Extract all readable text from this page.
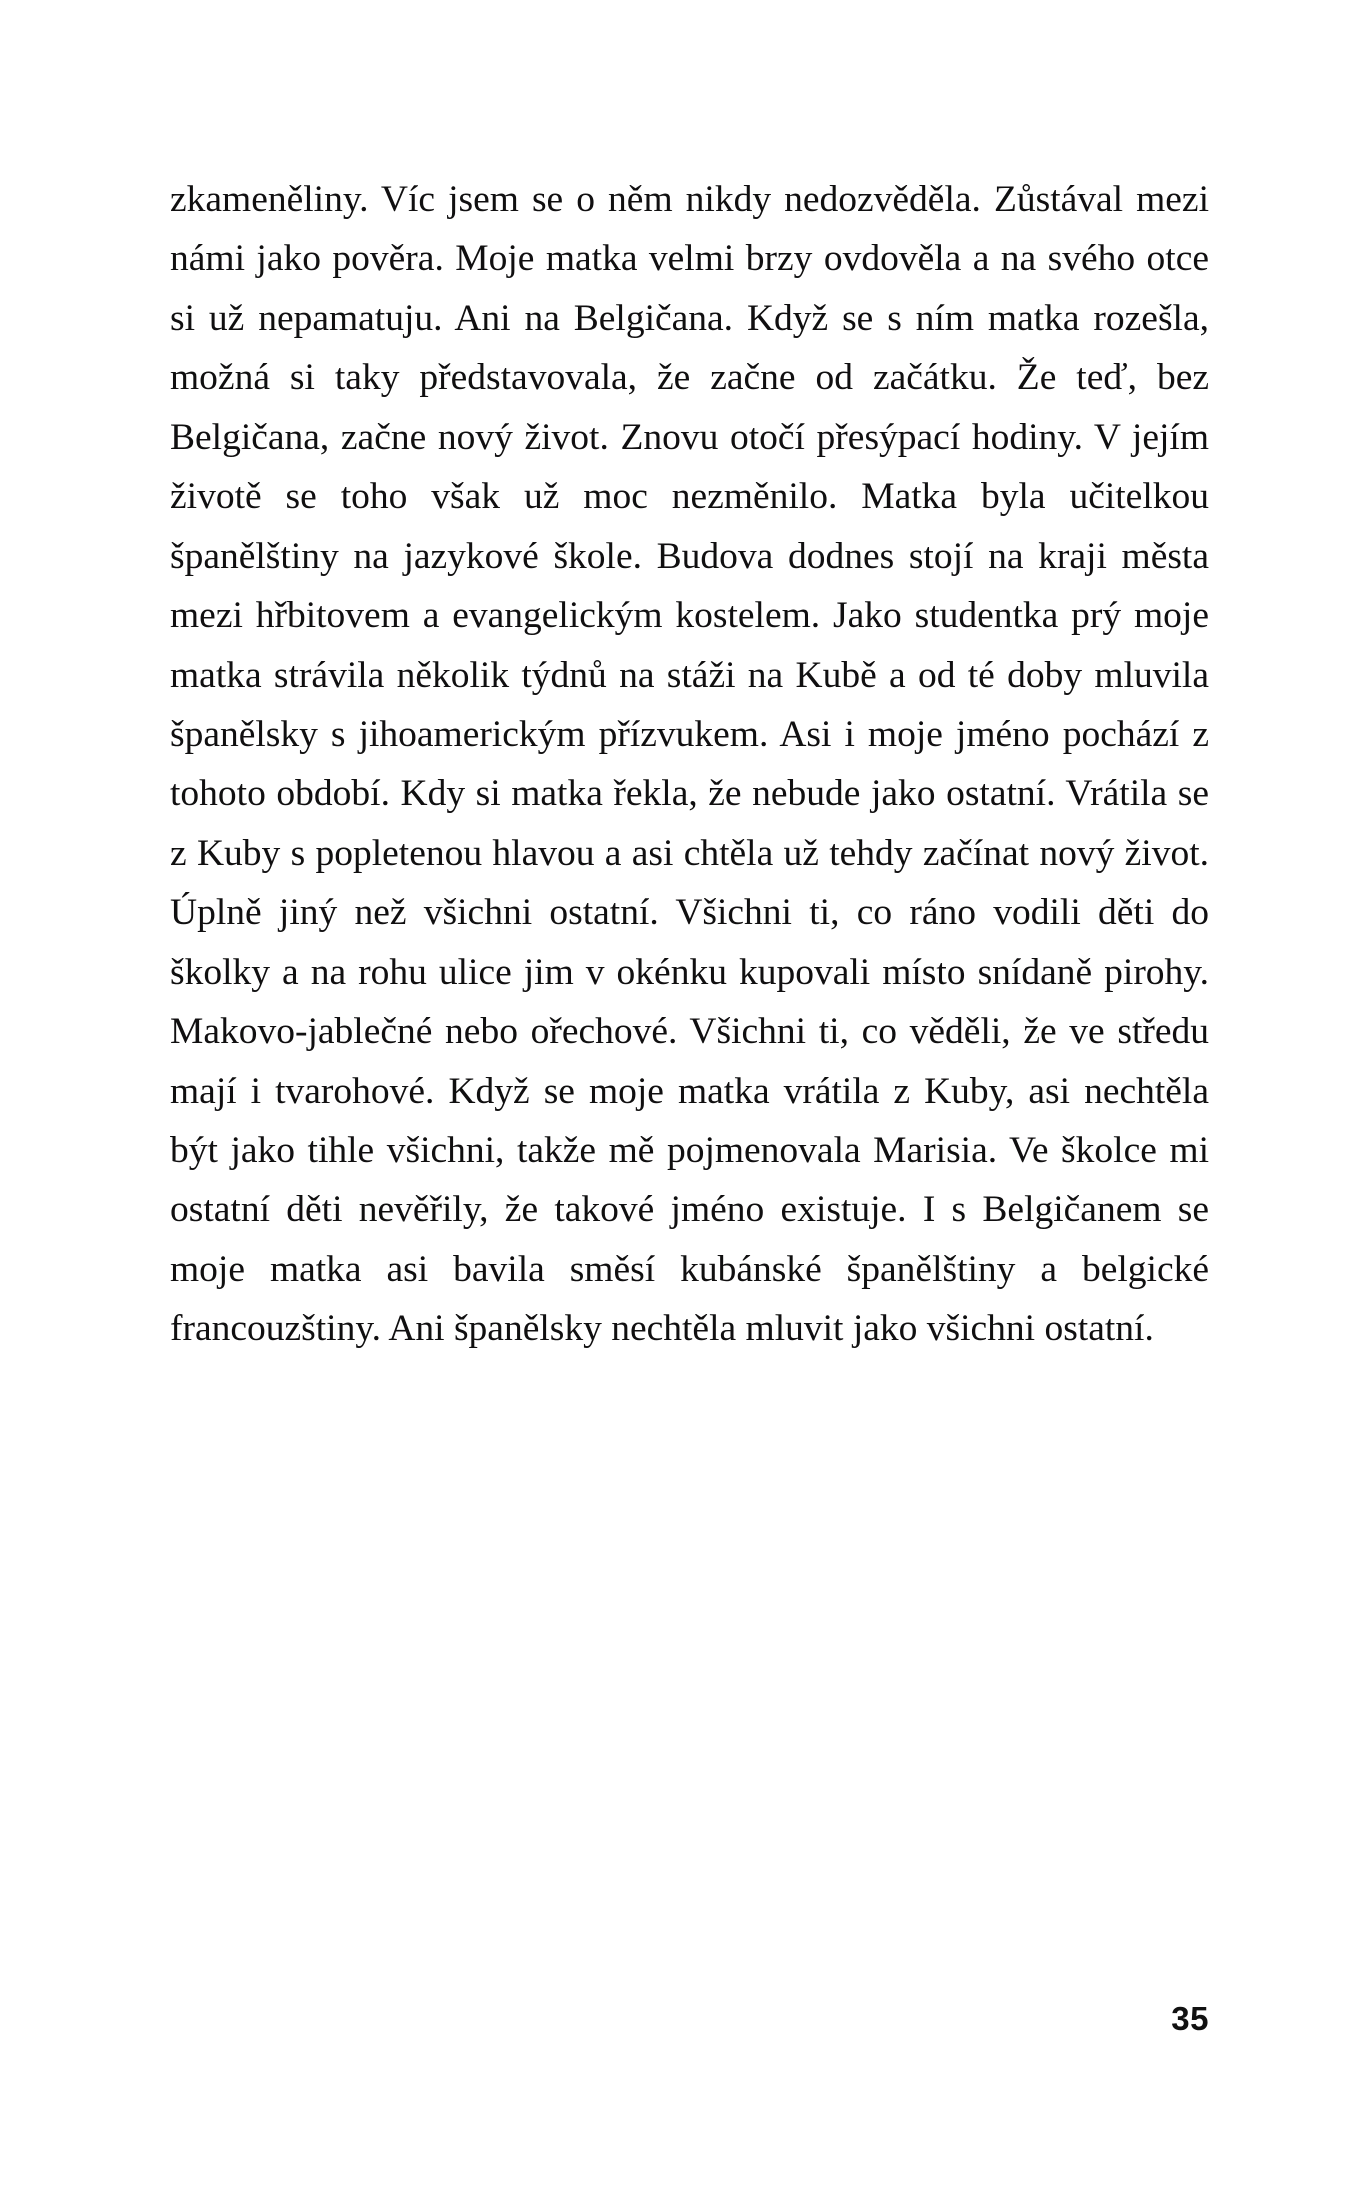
zkameněliny. Víc jsem se o něm nikdy nedozvěděla. Zůstával mezi námi jako pověra. Moje matka velmi brzy ovdověla a na svého otce si už nepamatuju. Ani na Belgičana. Když se s ním matka rozešla, možná si taky představovala, že začne od začátku. Že teď, bez Belgičana, začne nový život. Znovu otočí přesýpací hodiny. V jejím životě se toho však už moc nezměnilo. Matka byla učitelkou španělštiny na jazykové škole. Budova dodnes stojí na kraji města mezi hřbitovem a evangelickým kostelem. Jako studentka prý moje matka strávila několik týdnů na stáži na Kubě a od té doby mluvila španělsky s jihoamerickým přízvukem. Asi i moje jméno pochází z tohoto období. Kdy si matka řekla, že nebude jako ostatní. Vrátila se z Kuby s popletenou hlavou a asi chtěla už tehdy začínat nový život. Úplně jiný než všichni ostatní. Všichni ti, co ráno vodili děti do školky a na rohu ulice jim v okénku kupovali místo snídaně pirohy. Makovo-jablečné nebo ořechové. Všichni ti, co věděli, že ve středu mají i tvarohové. Když se moje matka vrátila z Kuby, asi nechtěla být jako tihle všichni, takže mě pojmenovala Marisia. Ve školce mi ostatní děti nevěřily, že takové jméno existuje. I s Belgičanem se moje matka asi bavila směsí kubánské španělštiny a belgické francouzštiny. Ani španělsky nechtěla mluvit jako všichni ostatní.

35
